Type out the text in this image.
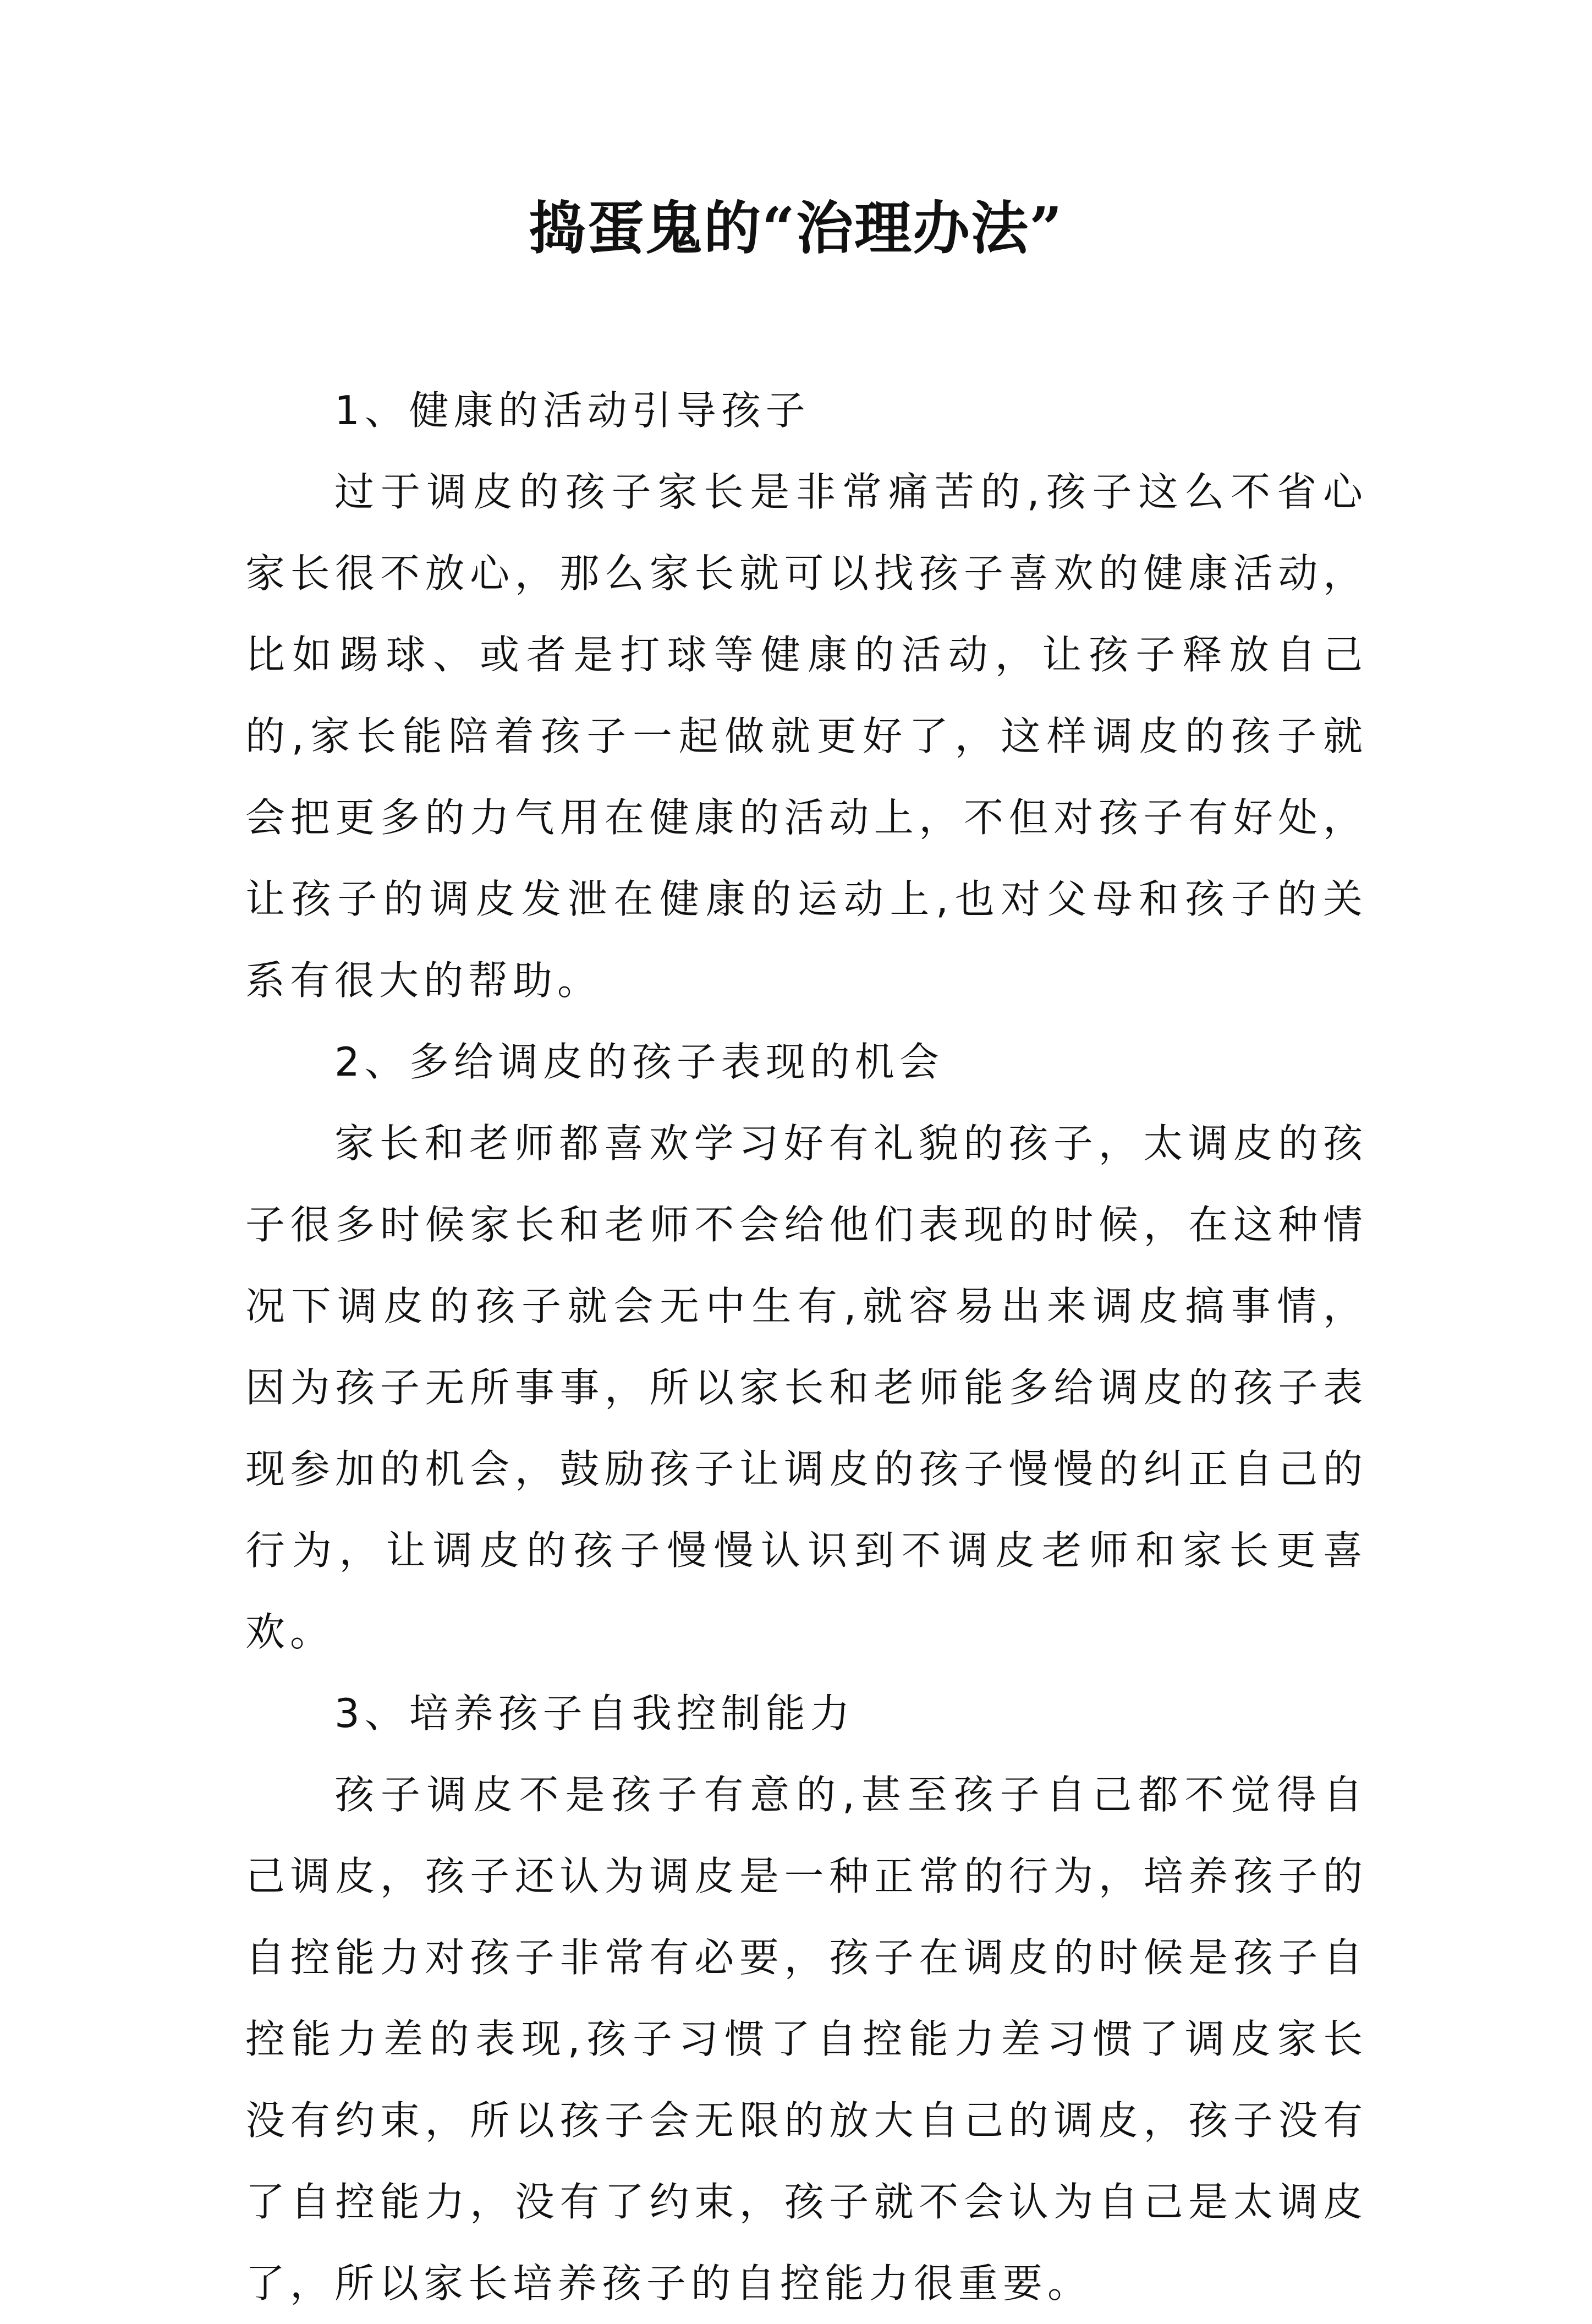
捣蛋鬼的“治理办法”

1、健康的活动引导孩子

过于调皮的孩子家长是非常痛苦的,孩子这么不省心家长很不放心，那么家长就可以找孩子喜欢的健康活动，比如踢球、或者是打球等健康的活动，让孩子释放自己的,家长能陪着孩子一起做就更好了，这样调皮的孩子就会把更多的力气用在健康的活动上，不但对孩子有好处，让孩子的调皮发泄在健康的运动上,也对父母和孩子的关系有很大的帮助。

2、多给调皮的孩子表现的机会

家长和老师都喜欢学习好有礼貌的孩子，太调皮的孩子很多时候家长和老师不会给他们表现的时候，在这种情况下调皮的孩子就会无中生有,就容易出来调皮搞事情，因为孩子无所事事，所以家长和老师能多给调皮的孩子表现参加的机会，鼓励孩子让调皮的孩子慢慢的纠正自己的行为，让调皮的孩子慢慢认识到不调皮老师和家长更喜欢。

3、培养孩子自我控制能力

孩子调皮不是孩子有意的,甚至孩子自己都不觉得自己调皮，孩子还认为调皮是一种正常的行为，培养孩子的自控能力对孩子非常有必要，孩子在调皮的时候是孩子自控能力差的表现,孩子习惯了自控能力差习惯了调皮家长没有约束，所以孩子会无限的放大自己的调皮，孩子没有了自控能力，没有了约束，孩子就不会认为自己是太调皮了，所以家长培养孩子的自控能力很重要。
